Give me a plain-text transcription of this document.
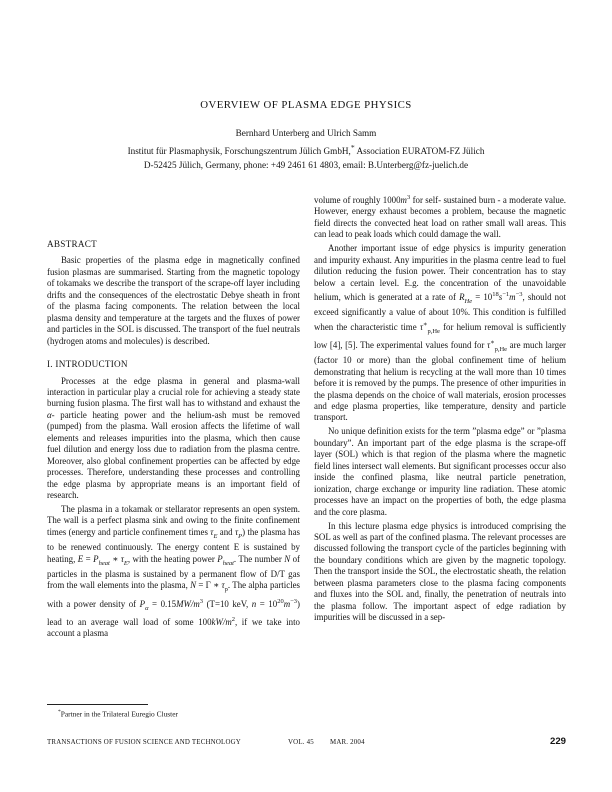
OVERVIEW OF PLASMA EDGE PHYSICS
Bernhard Unterberg and Ulrich Samm
Institut für Plasmaphysik, Forschungszentrum Jülich GmbH,* Association EURATOM-FZ Jülich
D-52425 Jülich, Germany, phone: +49 2461 61 4803, email: B.Unterberg@fz-juelich.de
ABSTRACT

Basic properties of the plasma edge in magnetically confined fusion plasmas are summarised. Starting from the magnetic topology of tokamaks we describe the transport of the scrape-off layer including drifts and the consequences of the electrostatic Debye sheath in front of the plasma facing components. The relation between the local plasma density and temperature at the targets and the fluxes of power and particles in the SOL is discussed. The transport of the fuel neutrals (hydrogen atoms and molecules) is described.

I. INTRODUCTION

Processes at the edge plasma in general and plasma-wall interaction in particular play a crucial role for achieving a steady state burning fusion plasma. The first wall has to withstand and exhaust the α- particle heating power and the helium-ash must be removed (pumped) from the plasma. Wall erosion affects the lifetime of wall elements and releases impurities into the plasma, which then cause fuel dilution and energy loss due to radiation from the plasma centre. Moreover, also global confinement properties can be affected by edge processes. Therefore, understanding these processes and controlling the edge plasma by appropriate means is an important field of research.

The plasma in a tokamak or stellarator represents an open system. The wall is a perfect plasma sink and owing to the finite confinement times (energy and particle confinement times $\tau_E$ and $\tau_P$) the plasma has to be renewed continuously. The energy content E is sustained by heating, $E = P_{heat}$ ∗ $\tau_E$, with the heating power $P_{heat}$. The number N of particles in the plasma is sustained by a permanent flow of D/T gas from the wall elements into the plasma, N = Γ ∗ $\tau_p$. The alpha particles with a power density of $P_\alpha = 0.15MW/m^3$ (T=10 keV, $n = 10^{20}m^{-3}$) lead to an average wall load of some $100kW/m^2$, if we take into account a plasma

volume of roughly $1000m^3$ for self- sustained burn - a moderate value. However, energy exhaust becomes a problem, because the magnetic field directs the convected heat load on rather small wall areas. This can lead to peak loads which could damage the wall.

Another important issue of edge physics is impurity generation and impurity exhaust. Any impurities in the plasma centre lead to fuel dilution reducing the fusion power. Their concentration has to stay below a certain level. E.g. the concentration of the unavoidable helium, which is generated at a rate of $R_{He} = 10^{18}s^{-1}m^{-3}$, should not exceed significantly a value of about 10%. This condition is fulfilled when the characteristic time $\tau^∗_{p,He}$ for helium removal is sufficiently low [4], [5]. The experimental values found for $\tau^∗_{p,He}$ are much larger (factor 10 or more) than the global confinement time of helium demonstrating that helium is recycling at the wall more than 10 times before it is removed by the pumps. The presence of other impurities in the plasma depends on the choice of wall materials, erosion processes and edge plasma properties, like temperature, density and particle transport.

No unique definition exists for the term ”plasma edge” or ”plasma boundary”. An important part of the edge plasma is the scrape-off layer (SOL) which is that region of the plasma where the magnetic field lines intersect wall elements. But significant processes occur also inside the confined plasma, like neutral particle penetration, ionization, charge exchange or impurity line radiation. These atomic processes have an impact on the properties of both, the edge plasma and the core plasma.

In this lecture plasma edge physics is introduced comprising the SOL as well as part of the confined plasma. The relevant processes are discussed following the transport cycle of the particles beginning with the boundary conditions which are given by the magnetic topology. Then the transport inside the SOL, the electrostatic sheath, the relation between plasma parameters close to the plasma facing components and fluxes into the SOL and, finally, the penetration of neutrals into the plasma follow. The important aspect of edge radiation by impurities will be discussed in a sep-

*Partner in the Trilateral Euregio Cluster
TRANSACTIONS OF FUSION SCIENCE AND TECHNOLOGY	VOL. 45 MAR. 2004	229
